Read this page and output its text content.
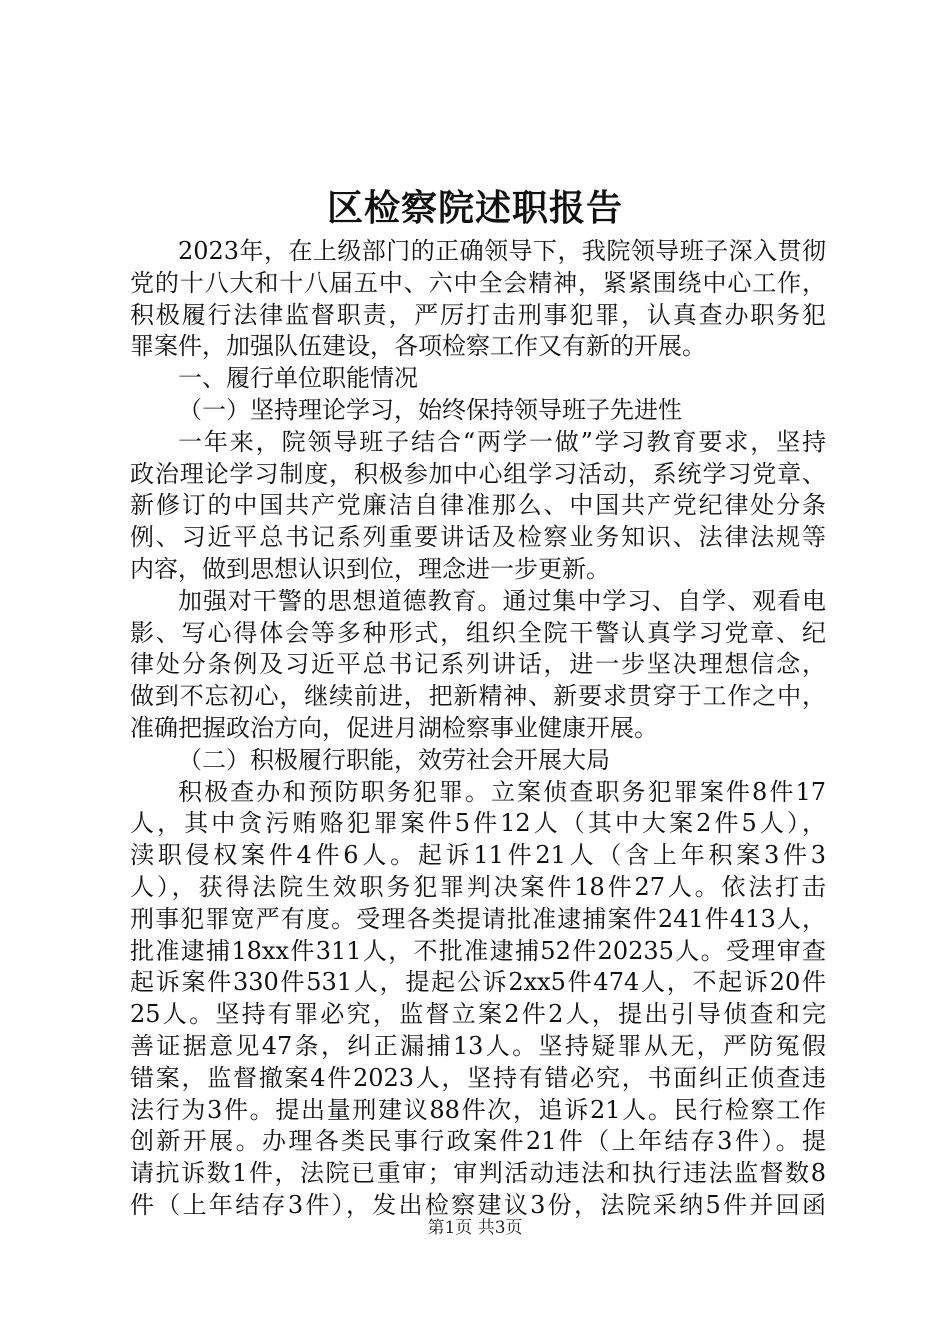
区检察院述职报告
2023年，在上级部门的正确领导下，我院领导班子深入贯彻
党的十八大和十八届五中、六中全会精神，紧紧围绕中心工作，
积极履行法律监督职责，严厉打击刑事犯罪，认真查办职务犯
罪案件，加强队伍建设，各项检察工作又有新的开展。
一、履行单位职能情况
（一）坚持理论学习，始终保持领导班子先进性
一年来，院领导班子结合“两学一做”学习教育要求，坚持
政治理论学习制度，积极参加中心组学习活动，系统学习党章、
新修订的中国共产党廉洁自律准那么、中国共产党纪律处分条
例、习近平总书记系列重要讲话及检察业务知识、法律法规等
内容，做到思想认识到位，理念进一步更新。
加强对干警的思想道德教育。通过集中学习、自学、观看电
影、写心得体会等多种形式，组织全院干警认真学习党章、纪
律处分条例及习近平总书记系列讲话，进一步坚决理想信念，
做到不忘初心，继续前进，把新精神、新要求贯穿于工作之中，
准确把握政治方向，促进月湖检察事业健康开展。
（二）积极履行职能，效劳社会开展大局
积极查办和预防职务犯罪。立案侦查职务犯罪案件8件17
人，其中贪污贿赂犯罪案件5件12人（其中大案2件5人），
渎职侵权案件4件6人。起诉11件21人（含上年积案3件3
人），获得法院生效职务犯罪判决案件18件27人。依法打击
刑事犯罪宽严有度。受理各类提请批准逮捕案件241件413人，
批准逮捕18xx件311人，不批准逮捕52件20235人。受理审查
起诉案件330件531人，提起公诉2xx5件474人，不起诉20件
25人。坚持有罪必究，监督立案2件2人，提出引导侦查和完
善证据意见47条，纠正漏捕13人。坚持疑罪从无，严防冤假
错案，监督撤案4件2023人，坚持有错必究，书面纠正侦查违
法行为3件。提出量刑建议88件次，追诉21人。民行检察工作
创新开展。办理各类民事行政案件21件（上年结存3件）。提
请抗诉数1件，法院已重审；审判活动违法和执行违法监督数8
件（上年结存3件），发出检察建议3份，法院采纳5件并回函
第1页 共3页
